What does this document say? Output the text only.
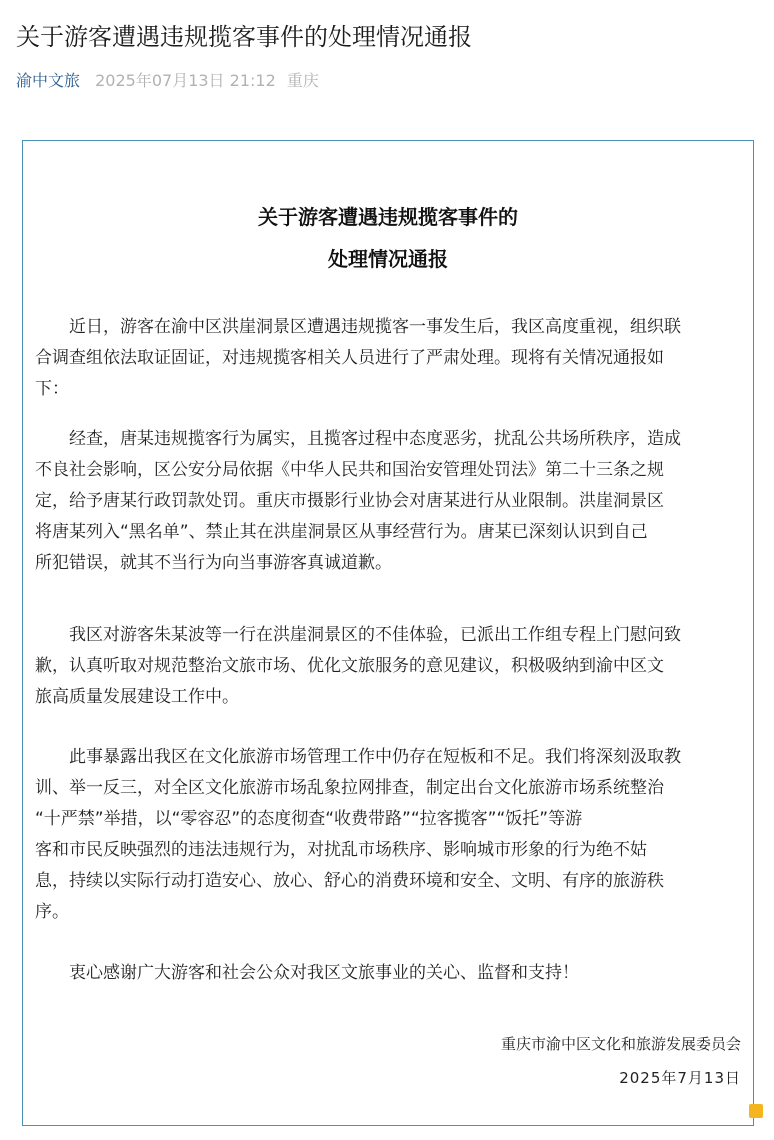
关于游客遭遇违规揽客事件的处理情况通报
渝中文旅 2025年07月13日 21:12 重庆
关于游客遭遇违规揽客事件的
处理情况通报
　　近日，游客在渝中区洪崖洞景区遭遇违规揽客一事发生后，我区高度重视，组织联
合调查组依法取证固证，对违规揽客相关人员进行了严肃处理。现将有关情况通报如
下：
　　经查，唐某违规揽客行为属实，且揽客过程中态度恶劣，扰乱公共场所秩序，造成
不良社会影响，区公安分局依据《中华人民共和国治安管理处罚法》第二十三条之规
定，给予唐某行政罚款处罚。重庆市摄影行业协会对唐某进行从业限制。洪崖洞景区
将唐某列入“黑名单”、禁止其在洪崖洞景区从事经营行为。唐某已深刻认识到自己
所犯错误，就其不当行为向当事游客真诚道歉。
　　我区对游客朱某波等一行在洪崖洞景区的不佳体验，已派出工作组专程上门慰问致
歉，认真听取对规范整治文旅市场、优化文旅服务的意见建议，积极吸纳到渝中区文
旅高质量发展建设工作中。
　　此事暴露出我区在文化旅游市场管理工作中仍存在短板和不足。我们将深刻汲取教
训、举一反三，对全区文化旅游市场乱象拉网排查，制定出台文化旅游市场系统整治
“十严禁”举措，以“零容忍”的态度彻查“收费带路”“拉客揽客”“饭托”等游
客和市民反映强烈的违法违规行为，对扰乱市场秩序、影响城市形象的行为绝不姑
息，持续以实际行动打造安心、放心、舒心的消费环境和安全、文明、有序的旅游秩
序。
　　衷心感谢广大游客和社会公众对我区文旅事业的关心、监督和支持！
重庆市渝中区文化和旅游发展委员会
2025年7月13日
